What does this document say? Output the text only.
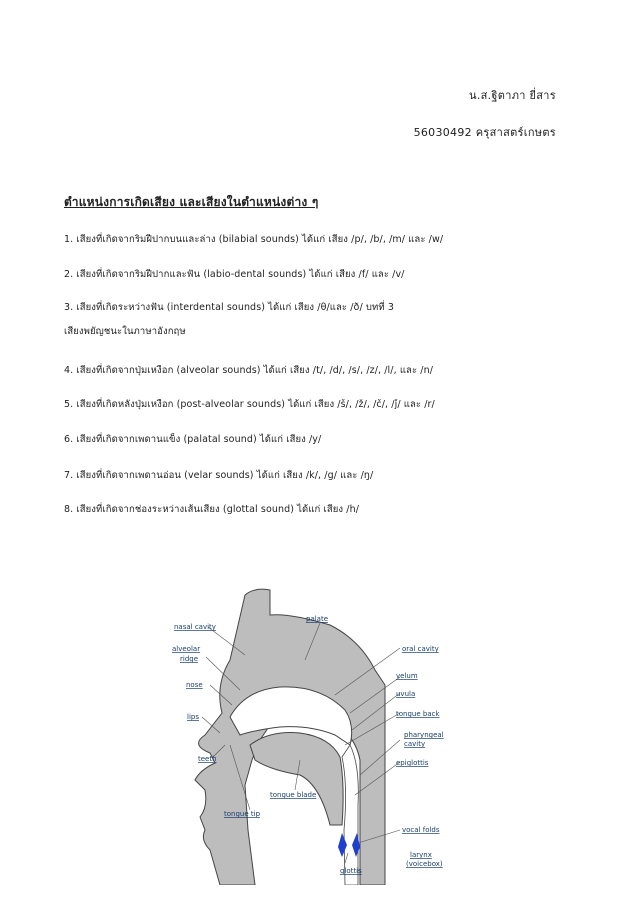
น.ส.ฐิตาภา ยี่สาร
56030492 ครุสาสตร์เกษตร
ตำแหน่งการเกิดเสียง และเสียงในตำแหน่งต่าง ๆ
1. เสียงที่เกิดจากริมฝีปากบนและล่าง (bilabial sounds) ได้แก่ เสียง /p/, /b/, /m/ และ /w/
2. เสียงที่เกิดจากริมฝีปากและฟัน (labio-dental sounds) ได้แก่ เสียง /f/ และ /v/
3. เสียงที่เกิดระหว่างฟัน (interdental sounds) ได้แก่ เสียง /θ/และ /ð/ บทที่ 3
เสียงพยัญชนะในภาษาอังกฤษ
4. เสียงที่เกิดจากปุ่มเหงือก (alveolar sounds) ได้แก่ เสียง /t/, /d/, /s/, /z/, /l/, และ /n/
5. เสียงที่เกิดหลังปุ่มเหงือก (post-alveolar sounds) ได้แก่ เสียง /š/, /ž/, /č/, /ǰ/ และ /r/
6. เสียงที่เกิดจากเพดานแข็ง (palatal sound) ได้แก่ เสียง /y/
7. เสียงที่เกิดจากเพดานอ่อน (velar sounds) ได้แก่ เสียง /k/, /g/ และ /ŋ/
8. เสียงที่เกิดจากช่องระหว่างเส้นเสียง (glottal sound) ได้แก่ เสียง /h/
nasal cavity
palate
alveolar
ridge
oral cavity
velum
nose
uvula
lips	tongue back
pharyngeal
cavity
teeth	epiglottis
tongue blade
vocal folds
tongue tip
larynx
(voicebox)
glottis
